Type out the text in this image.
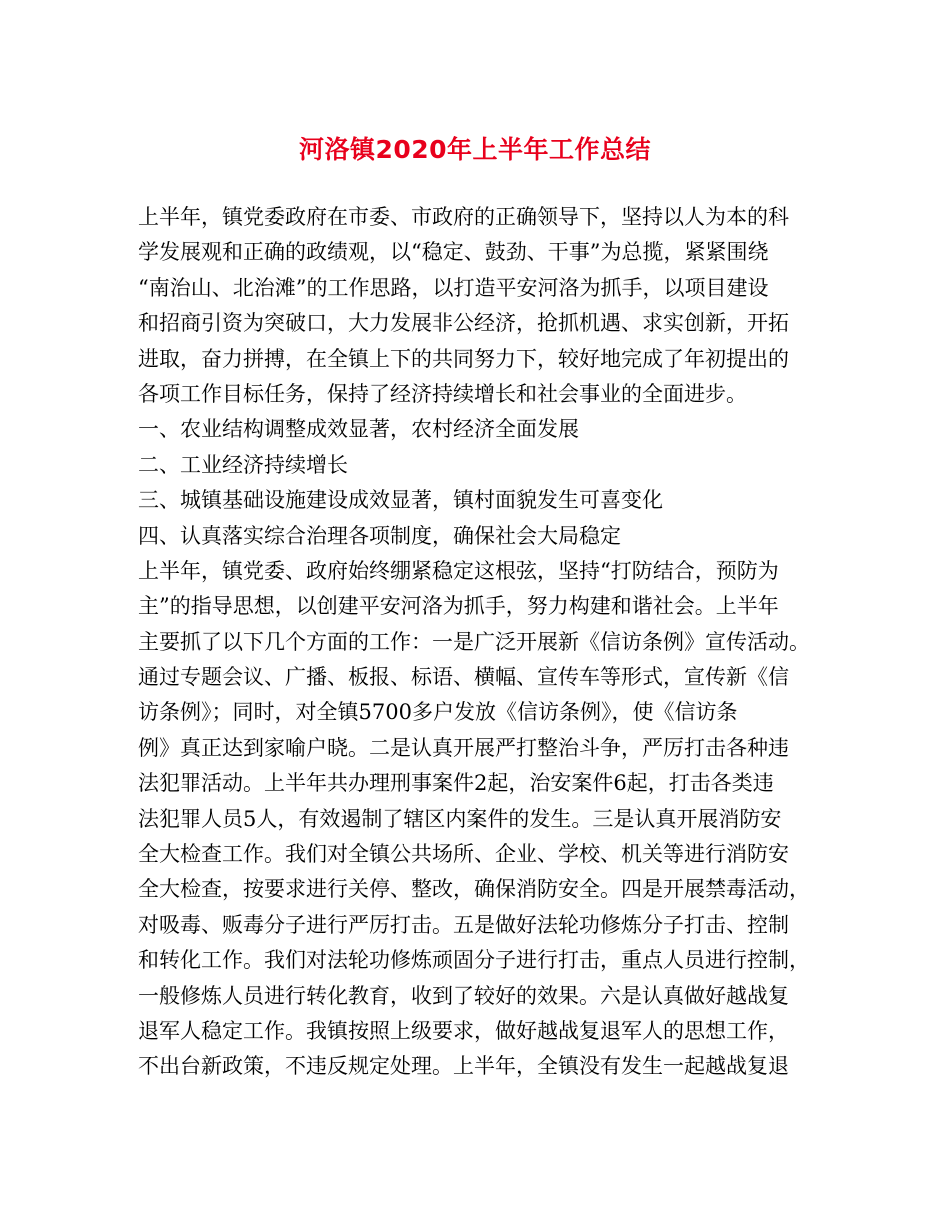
河洛镇2020年上半年工作总结
上半年，镇党委政府在市委、市政府的正确领导下，坚持以人为本的科
学发展观和正确的政绩观，以“稳定、鼓劲、干事”为总揽，紧紧围绕
“南治山、北治滩”的工作思路，以打造平安河洛为抓手，以项目建设
和招商引资为突破口，大力发展非公经济，抢抓机遇、求实创新，开拓
进取，奋力拼搏，在全镇上下的共同努力下，较好地完成了年初提出的
各项工作目标任务，保持了经济持续增长和社会事业的全面进步。
一、农业结构调整成效显著，农村经济全面发展
二、工业经济持续增长
三、城镇基础设施建设成效显著，镇村面貌发生可喜变化
四、认真落实综合治理各项制度，确保社会大局稳定
上半年，镇党委、政府始终绷紧稳定这根弦，坚持“打防结合，预防为
主”的指导思想，以创建平安河洛为抓手，努力构建和谐社会。上半年
主要抓了以下几个方面的工作：一是广泛开展新《信访条例》宣传活动。
通过专题会议、广播、板报、标语、横幅、宣传车等形式，宣传新《信
访条例》；同时，对全镇5700多户发放《信访条例》，使《信访条
例》真正达到家喻户晓。二是认真开展严打整治斗争，严厉打击各种违
法犯罪活动。上半年共办理刑事案件2起，治安案件6起，打击各类违
法犯罪人员5人，有效遏制了辖区内案件的发生。三是认真开展消防安
全大检查工作。我们对全镇公共场所、企业、学校、机关等进行消防安
全大检查，按要求进行关停、整改，确保消防安全。四是开展禁毒活动，
对吸毒、贩毒分子进行严厉打击。五是做好法轮功修炼分子打击、控制
和转化工作。我们对法轮功修炼顽固分子进行打击，重点人员进行控制，
一般修炼人员进行转化教育，收到了较好的效果。六是认真做好越战复
退军人稳定工作。我镇按照上级要求，做好越战复退军人的思想工作，
不出台新政策，不违反规定处理。上半年，全镇没有发生一起越战复退
